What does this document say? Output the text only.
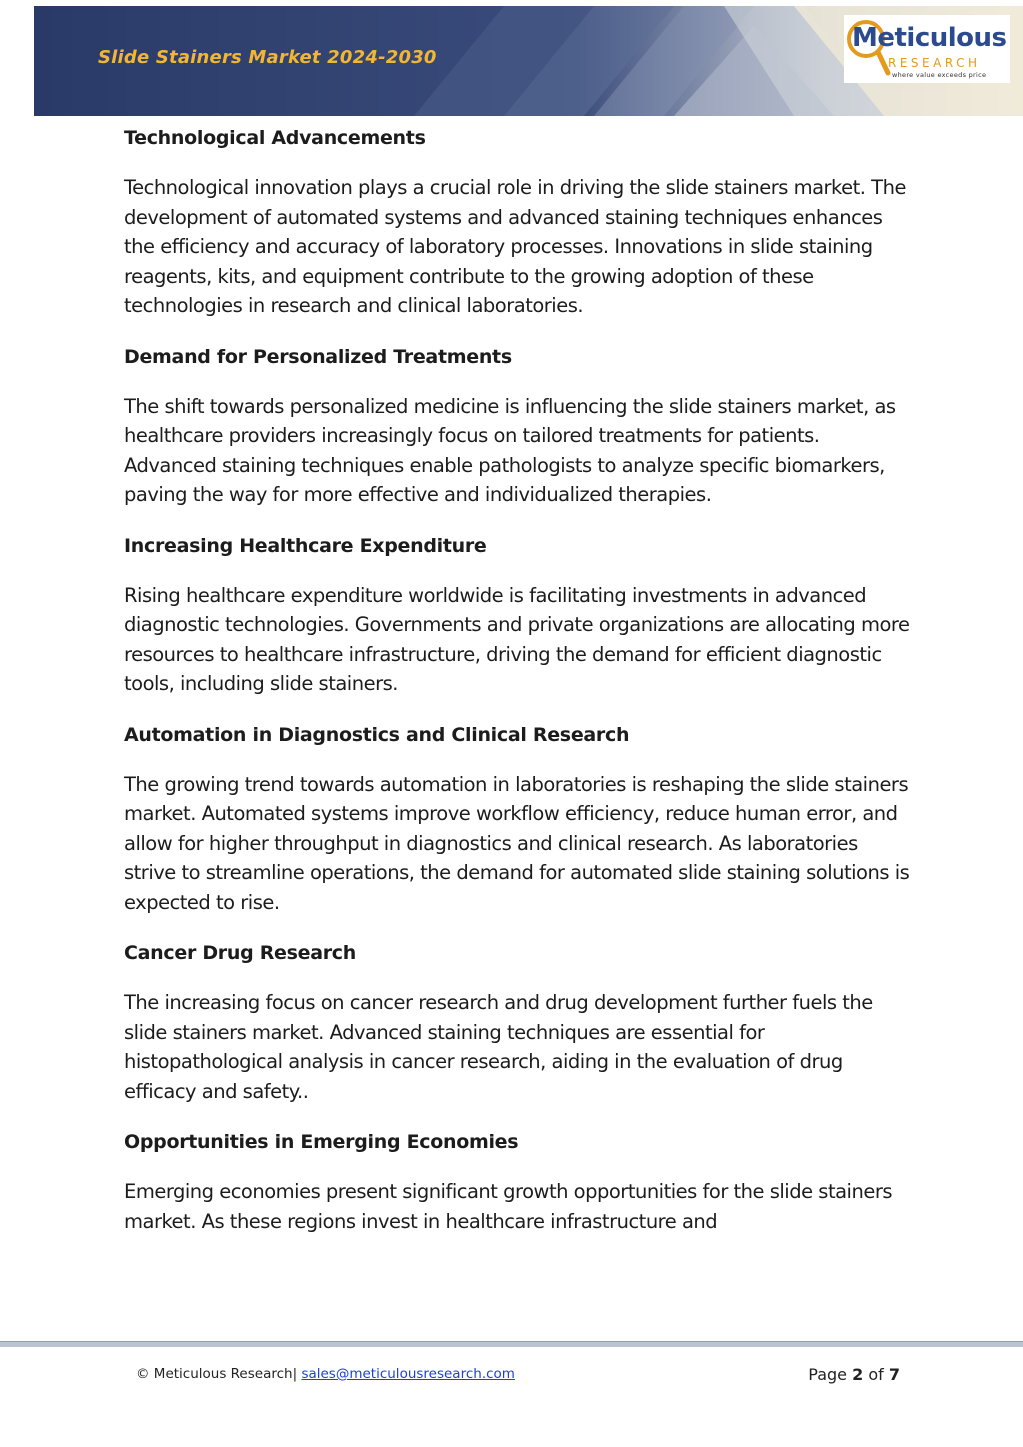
Slide Stainers Market 2024-2030
Meticulous
RESEARCH
where value exceeds price
Technological Advancements

Technological innovation plays a crucial role in driving the slide stainers market. The development of automated systems and advanced staining techniques enhances the efficiency and accuracy of laboratory processes. Innovations in slide staining reagents, kits, and equipment contribute to the growing adoption of these technologies in research and clinical laboratories.

Demand for Personalized Treatments

The shift towards personalized medicine is influencing the slide stainers market, as healthcare providers increasingly focus on tailored treatments for patients. Advanced staining techniques enable pathologists to analyze specific biomarkers, paving the way for more effective and individualized therapies.

Increasing Healthcare Expenditure

Rising healthcare expenditure worldwide is facilitating investments in advanced diagnostic technologies. Governments and private organizations are allocating more resources to healthcare infrastructure, driving the demand for efficient diagnostic tools, including slide stainers.

Automation in Diagnostics and Clinical Research

The growing trend towards automation in laboratories is reshaping the slide stainers market. Automated systems improve workflow efficiency, reduce human error, and allow for higher throughput in diagnostics and clinical research. As laboratories strive to streamline operations, the demand for automated slide staining solutions is expected to rise.

Cancer Drug Research

The increasing focus on cancer research and drug development further fuels the slide stainers market. Advanced staining techniques are essential for histopathological analysis in cancer research, aiding in the evaluation of drug efficacy and safety..

Opportunities in Emerging Economies

Emerging economies present significant growth opportunities for the slide stainers market. As these regions invest in healthcare infrastructure and

© Meticulous Research| sales@meticulousresearch.com	Page 2 of 7
